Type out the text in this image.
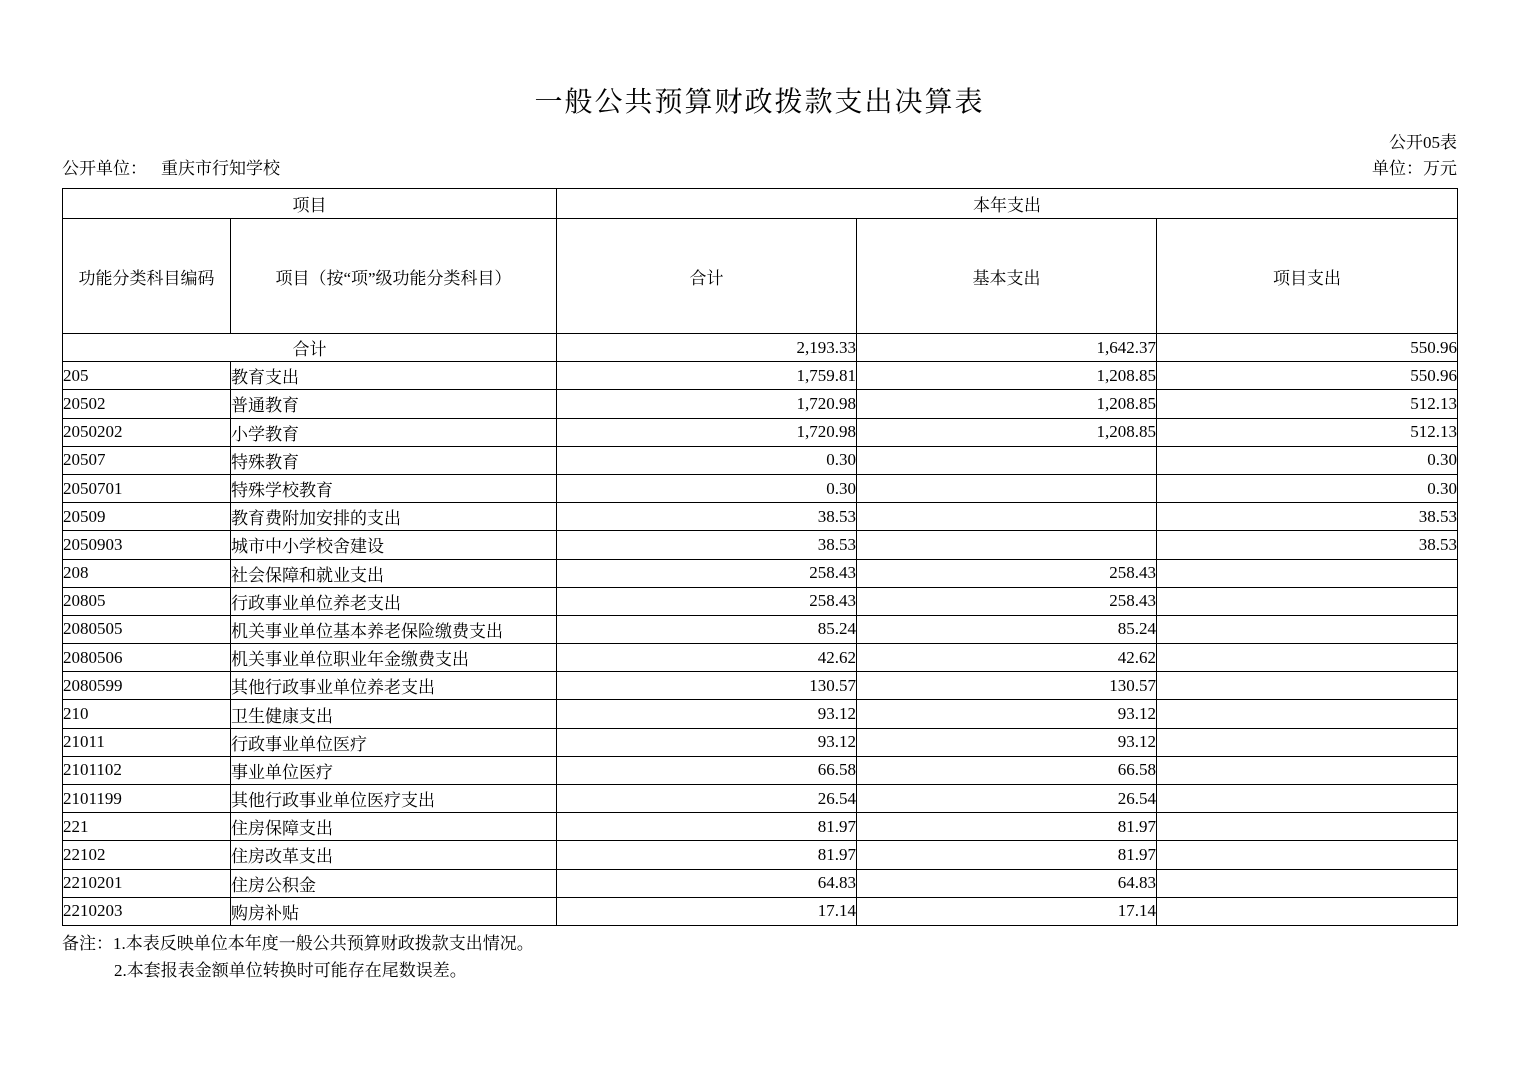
一般公共预算财政拨款支出决算表
公开05表
公开单位： 重庆市行知学校	单位：万元
项目		本年支出		
功能分类科目编码	项目（按“项”级功能分类科目）	合计	基本支出	项目支出
合计		2,193.33	1,642.37	550.96
205	教育支出	1,759.81	1,208.85	550.96
20502	普通教育	1,720.98	1,208.85	512.13
2050202	小学教育	1,720.98	1,208.85	512.13
20507	特殊教育	0.30		0.30
2050701	特殊学校教育	0.30		0.30
20509	教育费附加安排的支出	38.53		38.53
2050903	城市中小学校舍建设	38.53		38.53
208	社会保障和就业支出	258.43	258.43	
20805	行政事业单位养老支出	258.43	258.43	
2080505	机关事业单位基本养老保险缴费支出	85.24	85.24	
2080506	机关事业单位职业年金缴费支出	42.62	42.62	
2080599	其他行政事业单位养老支出	130.57	130.57	
210	卫生健康支出	93.12	93.12	
21011	行政事业单位医疗	93.12	93.12	
2101102	事业单位医疗	66.58	66.58	
2101199	其他行政事业单位医疗支出	26.54	26.54	
221	住房保障支出	81.97	81.97	
22102	住房改革支出	81.97	81.97	
2210201	住房公积金	64.83	64.83	
2210203	购房补贴	17.14	17.14	
备注：1.本表反映单位本年度一般公共预算财政拨款支出情况。
2.本套报表金额单位转换时可能存在尾数误差。
